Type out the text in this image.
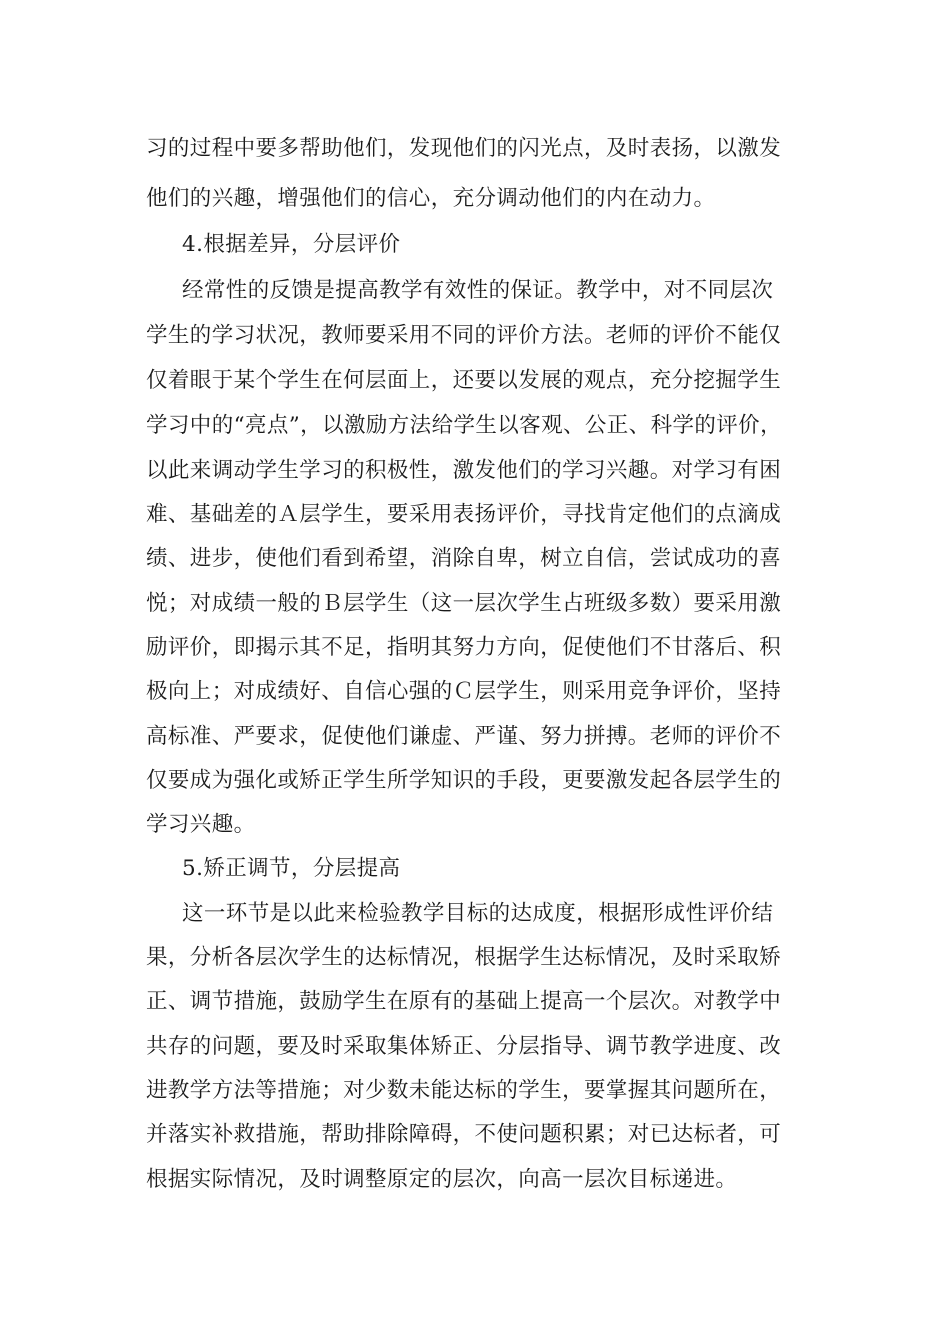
习的过程中要多帮助他们，发现他们的闪光点，及时表扬，以激发
他们的兴趣，增强他们的信心，充分调动他们的内在动力。
4.根据差异，分层评价
经常性的反馈是提高教学有效性的保证。教学中，对不同层次
学生的学习状况，教师要采用不同的评价方法。老师的评价不能仅
仅着眼于某个学生在何层面上，还要以发展的观点，充分挖掘学生
学习中的“亮点”，以激励方法给学生以客观、公正、科学的评价，
以此来调动学生学习的积极性，激发他们的学习兴趣。对学习有困
难、基础差的Ａ层学生，要采用表扬评价，寻找肯定他们的点滴成
绩、进步，使他们看到希望，消除自卑，树立自信，尝试成功的喜
悦；对成绩一般的Ｂ层学生（这一层次学生占班级多数）要采用激
励评价，即揭示其不足，指明其努力方向，促使他们不甘落后、积
极向上；对成绩好、自信心强的Ｃ层学生，则采用竞争评价，坚持
高标准、严要求，促使他们谦虚、严谨、努力拼搏。老师的评价不
仅要成为强化或矫正学生所学知识的手段，更要激发起各层学生的
学习兴趣。
5.矫正调节，分层提高
这一环节是以此来检验教学目标的达成度，根据形成性评价结
果，分析各层次学生的达标情况，根据学生达标情况，及时采取矫
正、调节措施，鼓励学生在原有的基础上提高一个层次。对教学中
共存的问题，要及时采取集体矫正、分层指导、调节教学进度、改
进教学方法等措施；对少数未能达标的学生，要掌握其问题所在，
并落实补救措施，帮助排除障碍，不使问题积累；对已达标者，可
根据实际情况，及时调整原定的层次，向高一层次目标递进。
